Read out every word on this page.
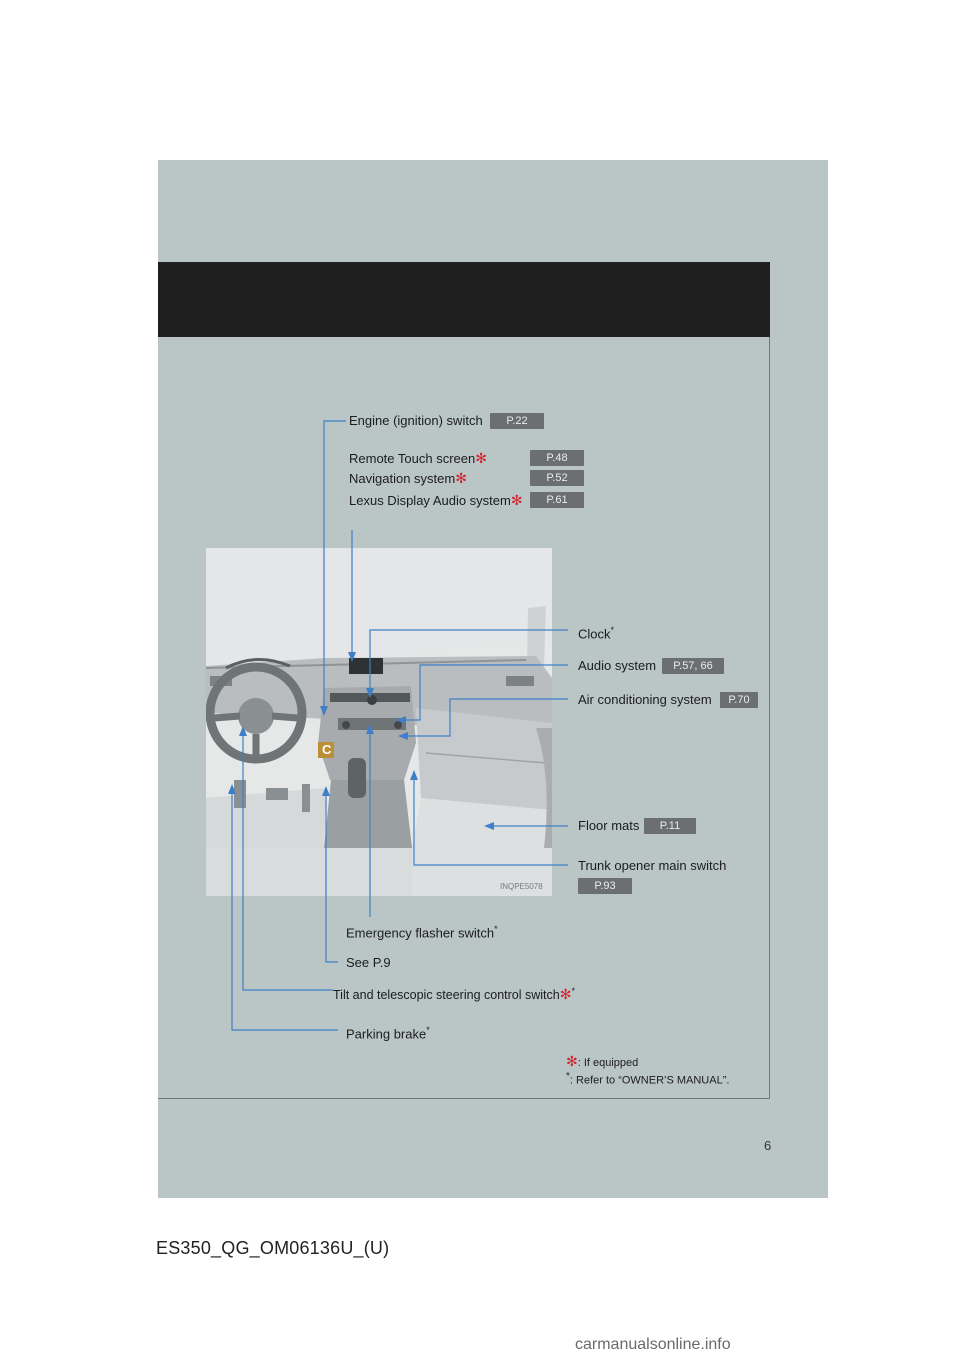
C
INQPE5078
Engine (ignition) switch	P.22
Remote Touch screen✻	P.48
Navigation system✻	P.52
Lexus Display Audio system✻	P.61
Clock*
Audio system	P.57, 66
Air conditioning system	P.70
Floor mats	P.11
Trunk opener main switch
P.93
Emergency flasher switch*
See P.9
Tilt and telescopic steering control switch✻*
Parking brake*
✻: If equipped
*: Refer to “OWNER’S MANUAL”.
6
ES350_QG_OM06136U_(U)
carmanualsonline.info
